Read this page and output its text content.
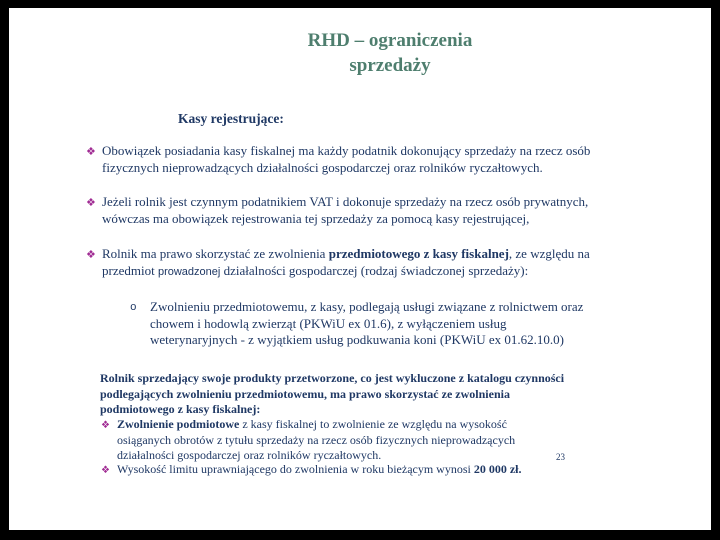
RHD – ograniczenia sprzedaży
Kasy rejestrujące:
❖ Obowiązek posiadania kasy fiskalnej ma każdy podatnik dokonujący sprzedaży na rzecz osób fizycznych nieprowadzących działalności gospodarczej oraz rolników ryczałtowych.
❖ Jeżeli rolnik jest czynnym podatnikiem VAT i dokonuje sprzedaży na rzecz osób prywatnych, wówczas ma obowiązek rejestrowania tej sprzedaży za pomocą kasy rejestrującej,
❖ Rolnik ma prawo skorzystać ze zwolnienia przedmiotowego z kasy fiskalnej, ze względu na przedmiot prowadzonej działalności gospodarczej (rodzaj świadczonej sprzedaży):
o	Zwolnieniu przedmiotowemu, z kasy, podlegają usługi związane z rolnictwem oraz chowem i hodowlą zwierząt (PKWiU ex 01.6), z wyłączeniem usług weterynaryjnych - z wyjątkiem usług podkuwania koni (PKWiU ex 01.62.10.0)
Rolnik sprzedający swoje produkty przetworzone, co jest wykluczone z katalogu czynności podlegających zwolnieniu przedmiotowemu, ma prawo skorzystać ze zwolnienia podmiotowego z kasy fiskalnej:
❖ Zwolnienie podmiotowe z kasy fiskalnej to zwolnienie ze względu na wysokość osiąganych obrotów z tytułu sprzedaży na rzecz osób fizycznych nieprowadzących działalności gospodarczej oraz rolników ryczałtowych.
❖ Wysokość limitu uprawniającego do zwolnienia w roku bieżącym wynosi 20 000 zł.
23
